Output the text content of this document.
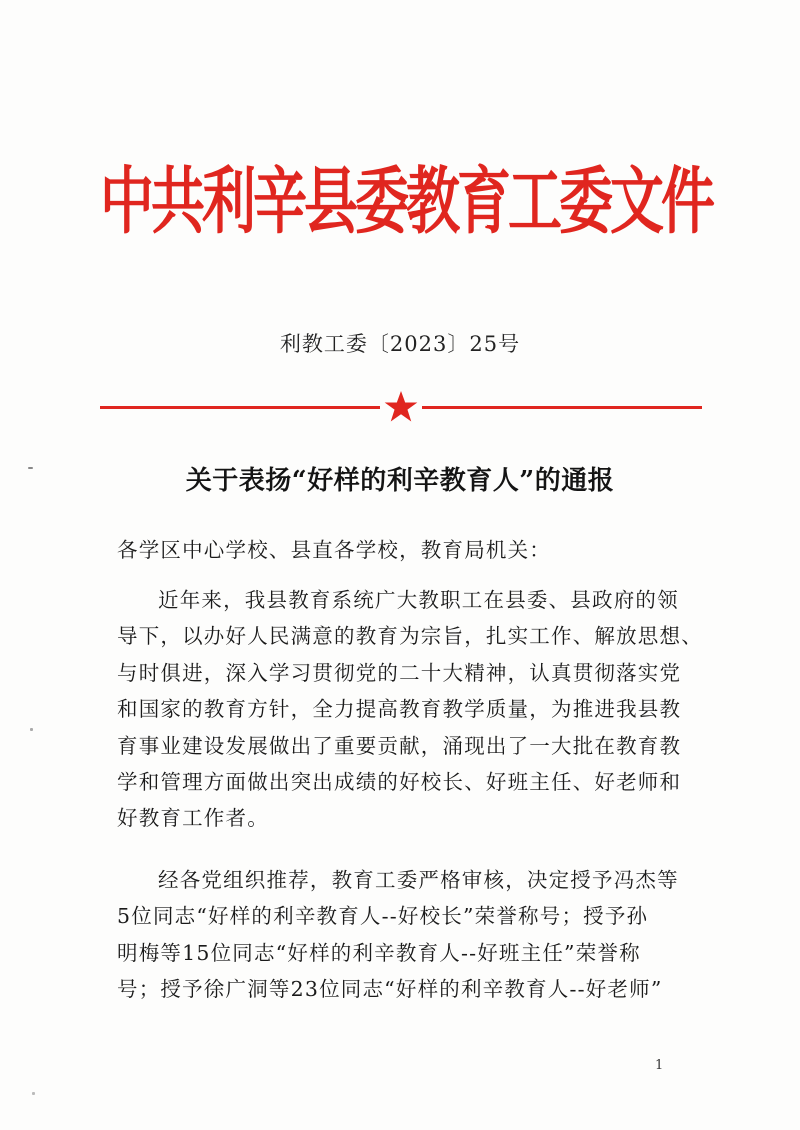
中共利辛县委教育工委文件
利教工委〔2023〕25号
关于表扬“好样的利辛教育人”的通报
各学区中心学校、县直各学校，教育局机关：
近年来，我县教育系统广大教职工在县委、县政府的领
导下，以办好人民满意的教育为宗旨，扎实工作、解放思想、
与时俱进，深入学习贯彻党的二十大精神，认真贯彻落实党
和国家的教育方针，全力提高教育教学质量，为推进我县教
育事业建设发展做出了重要贡献，涌现出了一大批在教育教
学和管理方面做出突出成绩的好校长、好班主任、好老师和
好教育工作者。
经各党组织推荐，教育工委严格审核，决定授予冯杰等
5位同志“好样的利辛教育人--好校长”荣誉称号；授予孙
明梅等15位同志“好样的利辛教育人--好班主任”荣誉称
号；授予徐广洞等23位同志“好样的利辛教育人--好老师”
1
